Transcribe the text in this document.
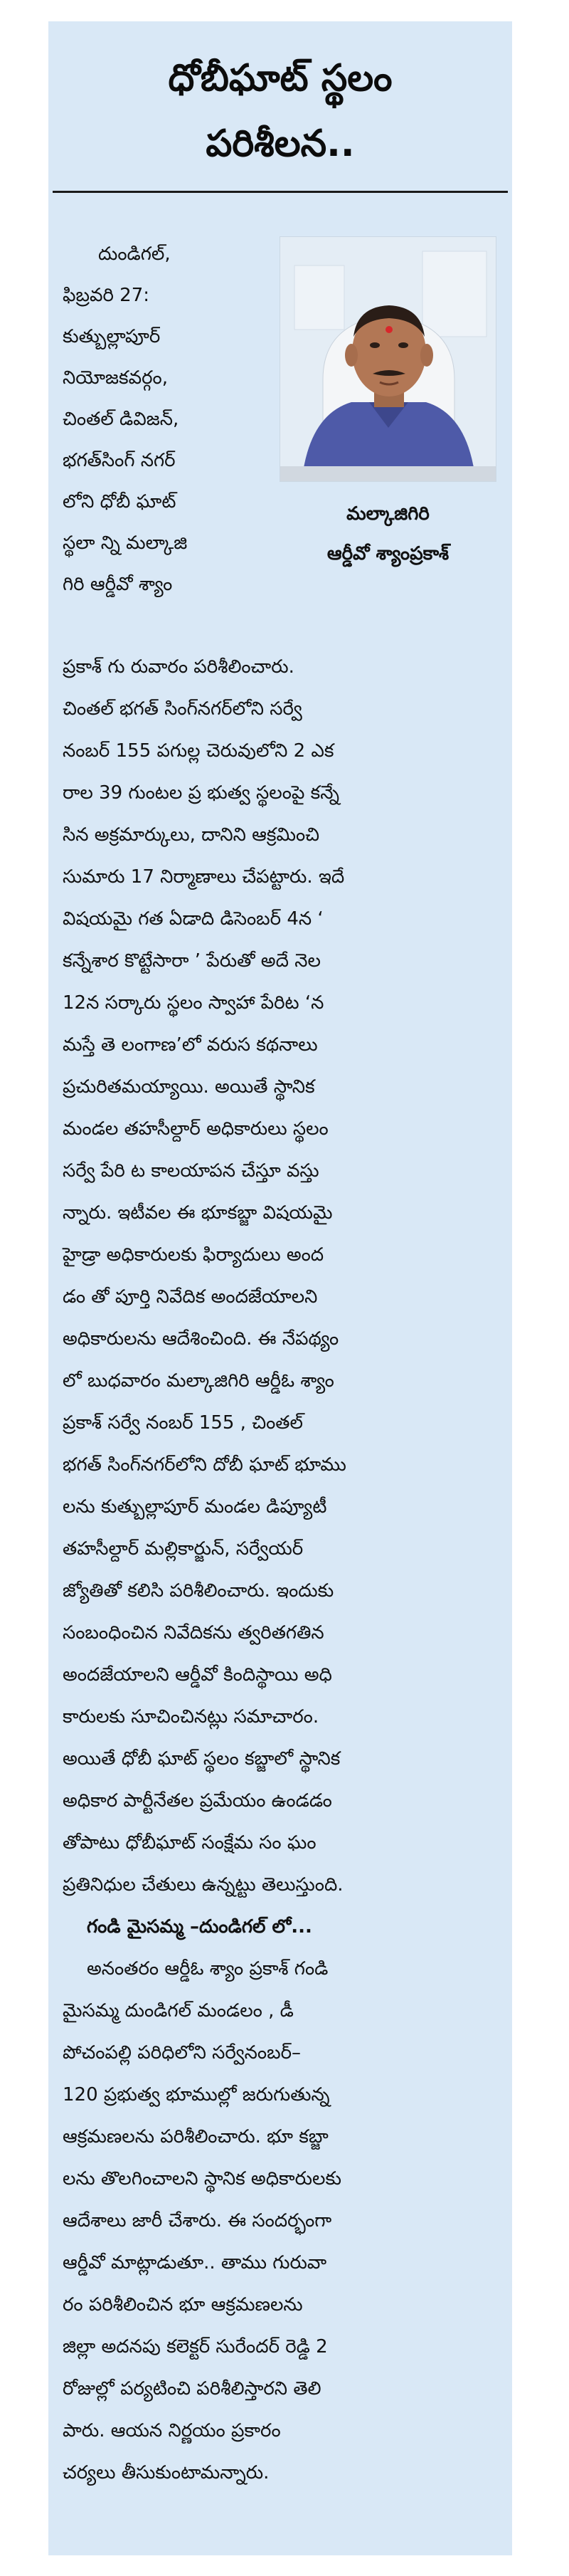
ధోబీఘాట్ స్థలం
పరిశీలన..
దుండిగల్,
ఫిబ్రవరి 27:
కుత్బుల్లాపూర్
నియోజకవర్గం,
చింతల్ డివిజన్,
భగత్‌సింగ్ నగర్
లోని ధోబీ ఘాట్
స్థలా న్ని మల్కాజి
గిరి ఆర్డీవో శ్యాం
మల్కాజిగిరి
ఆర్డీవో శ్యాంప్రకాశ్
ప్రకాశ్ గు రువారం పరిశీలించారు.
చింతల్ భగత్ సింగ్‌నగర్‌లోని సర్వే
నంబర్ 155 పగుల్ల చెరువులోని 2 ఎక
రాల 39 గుంటల ప్ర భుత్వ స్థలంపై కన్నే
సిన అక్రమార్కులు, దానిని ఆక్రమించి
సుమారు 17 నిర్మాణాలు చేపట్టారు. ఇదే
విషయమై గత ఏడాది డిసెంబర్ 4న ‘
కన్నేశార కొట్టేసారా ’ పేరుతో అదే నెల
12న సర్కారు స్థలం స్వాహా పేరిట ‘న
మస్తే తె లంగాణ’లో వరుస కథనాలు
ప్రచురితమయ్యాయి. అయితే స్థానిక
మండల తహసీల్దార్ అధికారులు స్థలం
సర్వే పేరి ట కాలయాపన చేస్తూ వస్తు
న్నారు. ఇటీవల ఈ భూకబ్జా విషయమై
హైడ్రా అధికారులకు ఫిర్యాదులు అంద
డం తో పూర్తి నివేదిక అందజేయాలని
అధికారులను ఆదేశించింది. ఈ నేపథ్యం
లో బుధవారం మల్కాజిగిరి ఆర్డీఓ శ్యాం
ప్రకాశ్ సర్వే నంబర్ 155 , చింతల్
భగత్ సింగ్‌నగర్‌లోని దోబీ ఘాట్ భూము
లను కుత్బుల్లాపూర్ మండల డిప్యూటీ
తహసీల్దార్ మల్లికార్జున్, సర్వేయర్
జ్యోతితో కలిసి పరిశీలించారు. ఇందుకు
సంబంధించిన నివేదికను త్వరితగతిన
అందజేయాలని ఆర్డీవో కిందిస్థాయి అధి
కారులకు సూచించినట్లు సమాచారం.
అయితే ధోబీ ఘాట్ స్థలం కబ్జాలో స్థానిక
అధికార పార్టీనేతల ప్రమేయం ఉండడం
తోపాటు ధోబీఘాట్ సంక్షేమ సం ఘం
ప్రతినిధుల చేతులు ఉన్నట్టు తెలుస్తుంది.
గండి మైసమ్మ –దుండిగల్ లో...
అనంతరం ఆర్డీఓ శ్యాం ప్రకాశ్ గండి
మైసమ్మ దుండిగల్ మండలం , డీ
పోచంపల్లి పరిధిలోని సర్వేనంబర్–
120 ప్రభుత్వ భూముల్లో జరుగుతున్న
ఆక్రమణలను పరిశీలించారు. భూ కబ్జా
లను తొలగించాలని స్థానిక అధికారులకు
ఆదేశాలు జారీ చేశారు. ఈ సందర్భంగా
ఆర్డీవో మాట్లాడుతూ.. తాము గురువా
రం పరిశీలించిన భూ ఆక్రమణలను
జిల్లా అదనపు కలెక్టర్ సురేందర్ రెడ్డి 2
రోజుల్లో పర్యటించి పరిశీలిస్తారని తెలి
పారు. ఆయన నిర్ణయం ప్రకారం
చర్యలు తీసుకుంటామన్నారు.
